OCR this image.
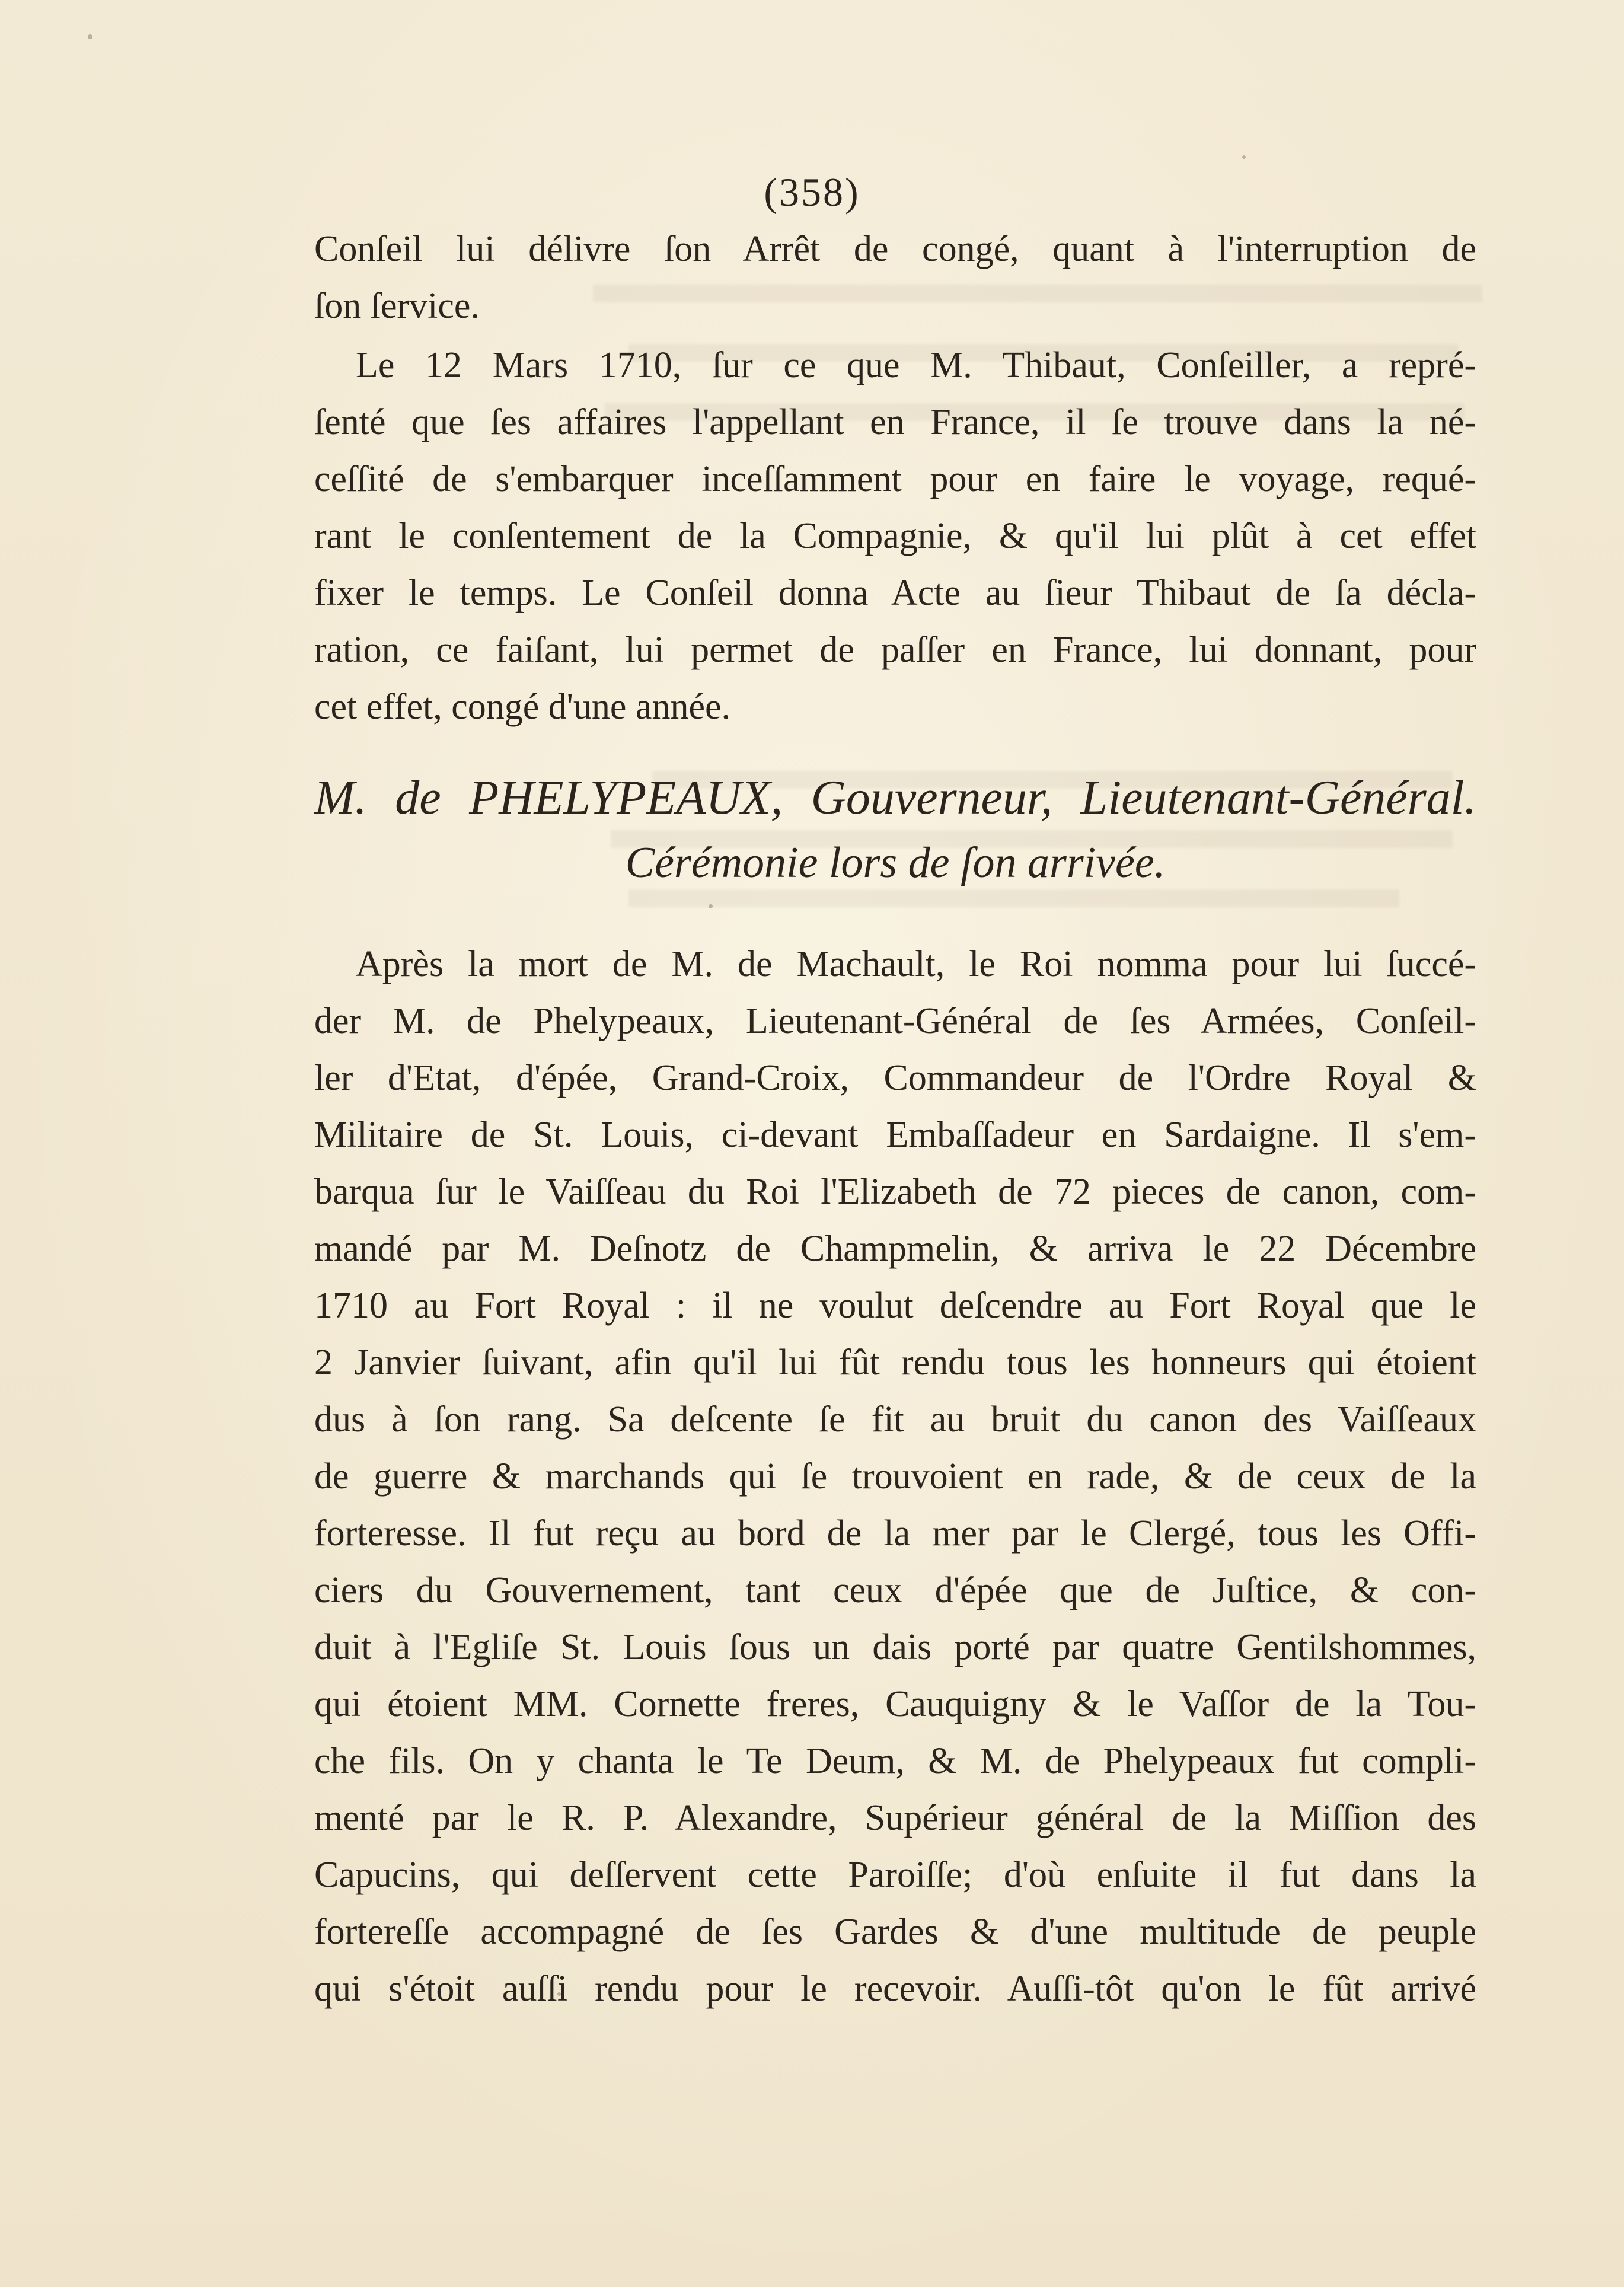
(358)
Conſeil lui délivre ſon Arrêt de congé, quant à l'interruption de
ſon ſervice.
Le 12 Mars 1710, ſur ce que M. Thibaut, Conſeiller, a repré-
ſenté que ſes affaires l'appellant en France, il ſe trouve dans la né-
ceſſité de s'embarquer inceſſamment pour en faire le voyage, requé-
rant le conſentement de la Compagnie, & qu'il lui plût à cet effet
fixer le temps. Le Conſeil donna Acte au ſieur Thibaut de ſa décla-
ration, ce faiſant, lui permet de paſſer en France, lui donnant, pour
cet effet, congé d'une année.
M. de PHELYPEAUX, Gouverneur, Lieutenant-Général.
Cérémonie lors de ſon arrivée.
Après la mort de M. de Machault, le Roi nomma pour lui ſuccé-
der M. de Phelypeaux, Lieutenant-Général de ſes Armées, Conſeil-
ler d'Etat, d'épée, Grand-Croix, Commandeur de l'Ordre Royal &
Militaire de St. Louis, ci-devant Embaſſadeur en Sardaigne. Il s'em-
barqua ſur le Vaiſſeau du Roi l'Elizabeth de 72 pieces de canon, com-
mandé par M. Deſnotz de Champmelin, & arriva le 22 Décembre
1710 au Fort Royal : il ne voulut deſcendre au Fort Royal que le
2 Janvier ſuivant, afin qu'il lui fût rendu tous les honneurs qui étoient
dus à ſon rang. Sa deſcente ſe fit au bruit du canon des Vaiſſeaux
de guerre & marchands qui ſe trouvoient en rade, & de ceux de la
forteresse. Il fut reçu au bord de la mer par le Clergé, tous les Offi-
ciers du Gouvernement, tant ceux d'épée que de Juſtice, & con-
duit à l'Egliſe St. Louis ſous un dais porté par quatre Gentilshommes,
qui étoient MM. Cornette freres, Cauquigny & le Vaſſor de la Tou-
che fils. On y chanta le Te Deum, & M. de Phelypeaux fut compli-
menté par le R. P. Alexandre, Supérieur général de la Miſſion des
Capucins, qui deſſervent cette Paroiſſe; d'où enſuite il fut dans la
fortereſſe accompagné de ſes Gardes & d'une multitude de peuple
qui s'étoit auſſi rendu pour le recevoir. Auſſi-tôt qu'on le fût arrivé
